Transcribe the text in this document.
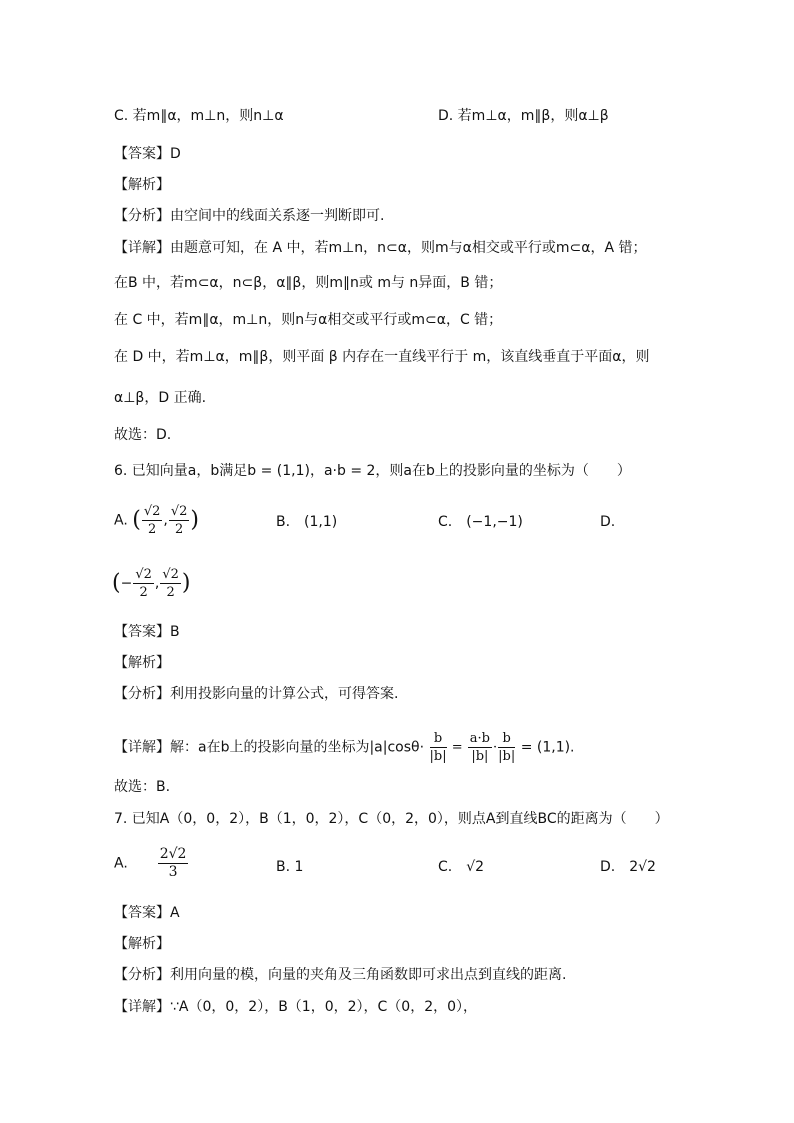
C. 若m∥α，m⊥n，则n⊥α	D. 若m⊥α，m∥β，则α⊥β
【答案】D
【解析】
【分析】由空间中的线面关系逐一判断即可.
【详解】由题意可知，在 A 中，若m⊥n，n⊂α，则m与α相交或平行或m⊂α，A 错；
在B 中，若m⊂α，n⊂β，α∥β，则m∥n或 m与 n异面，B 错；
在 C 中，若m∥α，m⊥n，则n与α相交或平行或m⊂α，C 错；
在 D 中，若m⊥α，m∥β，则平面 β 内存在一直线平行于 m，该直线垂直于平面α，则
α⊥β，D 正确.
故选：D.
6. 已知向量a，b满足b = (1,1)，a·b = 2，则a在b上的投影向量的坐标为（　　）
A. ( $\frac{√2}{2}$ , $\frac{√2}{2}$ )	B.　(1,1)	C.　(−1,−1)	D.
(− $\frac{√2}{2}$ , $\frac{√2}{2}$ )
【答案】B
【解析】
【分析】利用投影向量的计算公式，可得答案.
【详解】解：a在b上的投影向量的坐标为$|a|\cos\theta\cdot \frac{b}{|b|} = \frac{a\cdot b}{|b|} \cdot \frac{b}{|b|} = (1,1)$.
故选：B.
7. 已知A（0，0，2），B（1，0，2），C（0，2，0），则点A到直线BC的距离为（　　）
A. $\frac{2√2}{3}$	B. 1	C.　√2	D.　2√2
【答案】A
【解析】
【分析】利用向量的模，向量的夹角及三角函数即可求出点到直线的距离.
【详解】∵A（0，0，2），B（1，0，2），C（0，2，0），
